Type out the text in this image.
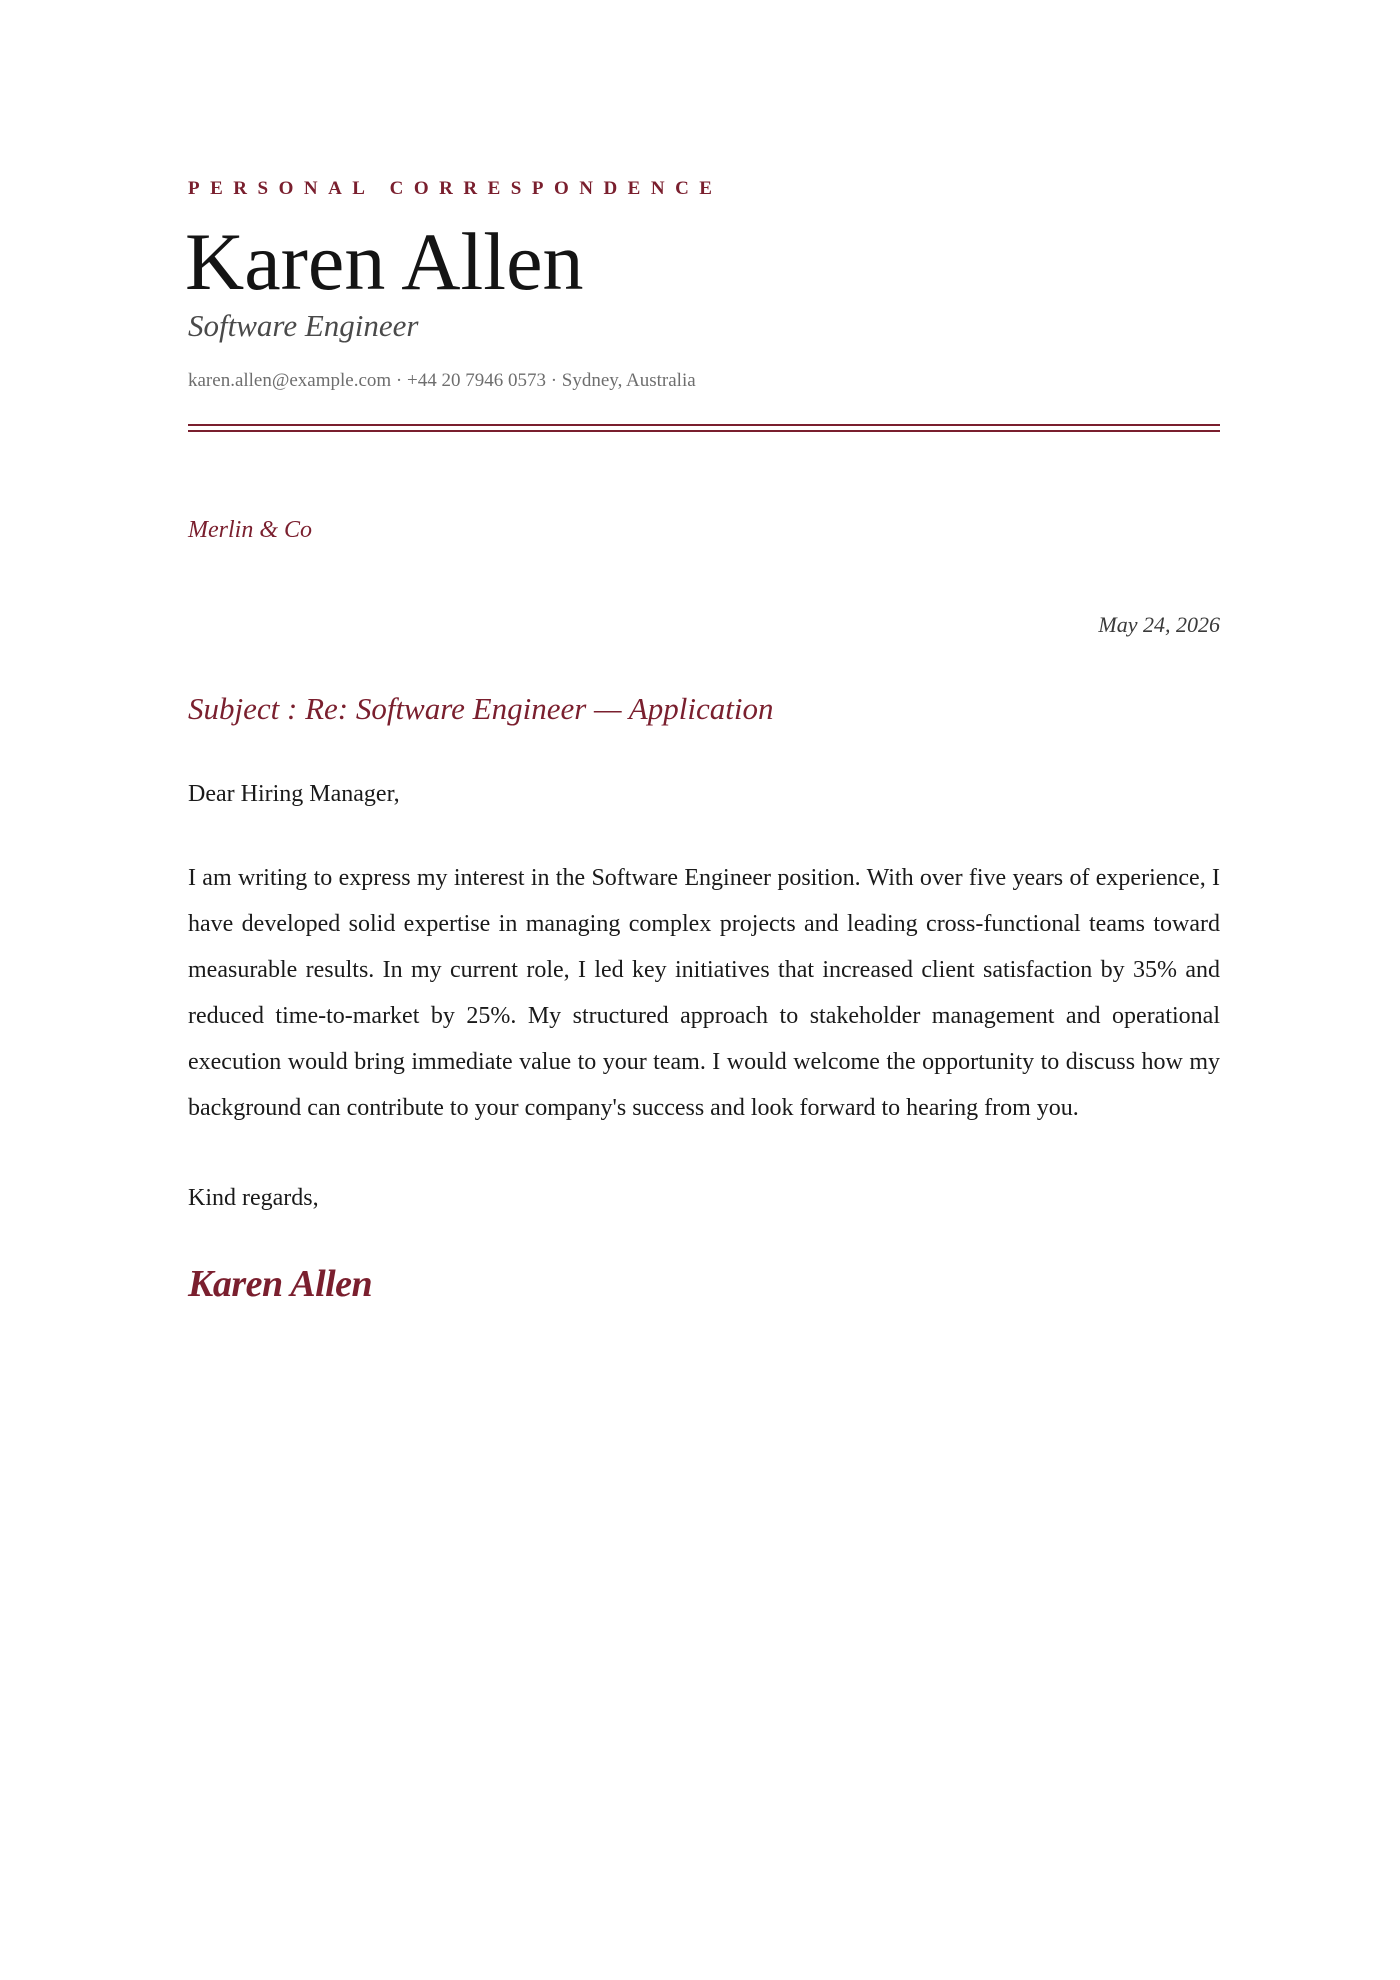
PERSONAL CORRESPONDENCE
Karen Allen
Software Engineer
karen.allen@example.com · +44 20 7946 0573 · Sydney, Australia
Merlin & Co
May 24, 2026
Subject : Re: Software Engineer — Application
Dear Hiring Manager,
I am writing to express my interest in the Software Engineer position. With over five years of experience, I have developed solid expertise in managing complex projects and leading cross-functional teams toward measurable results. In my current role, I led key initiatives that increased client satisfaction by 35% and reduced time-to-market by 25%. My structured approach to stakeholder management and operational execution would bring immediate value to your team. I would welcome the opportunity to discuss how my background can contribute to your company's success and look forward to hearing from you.
Kind regards,
Karen Allen
